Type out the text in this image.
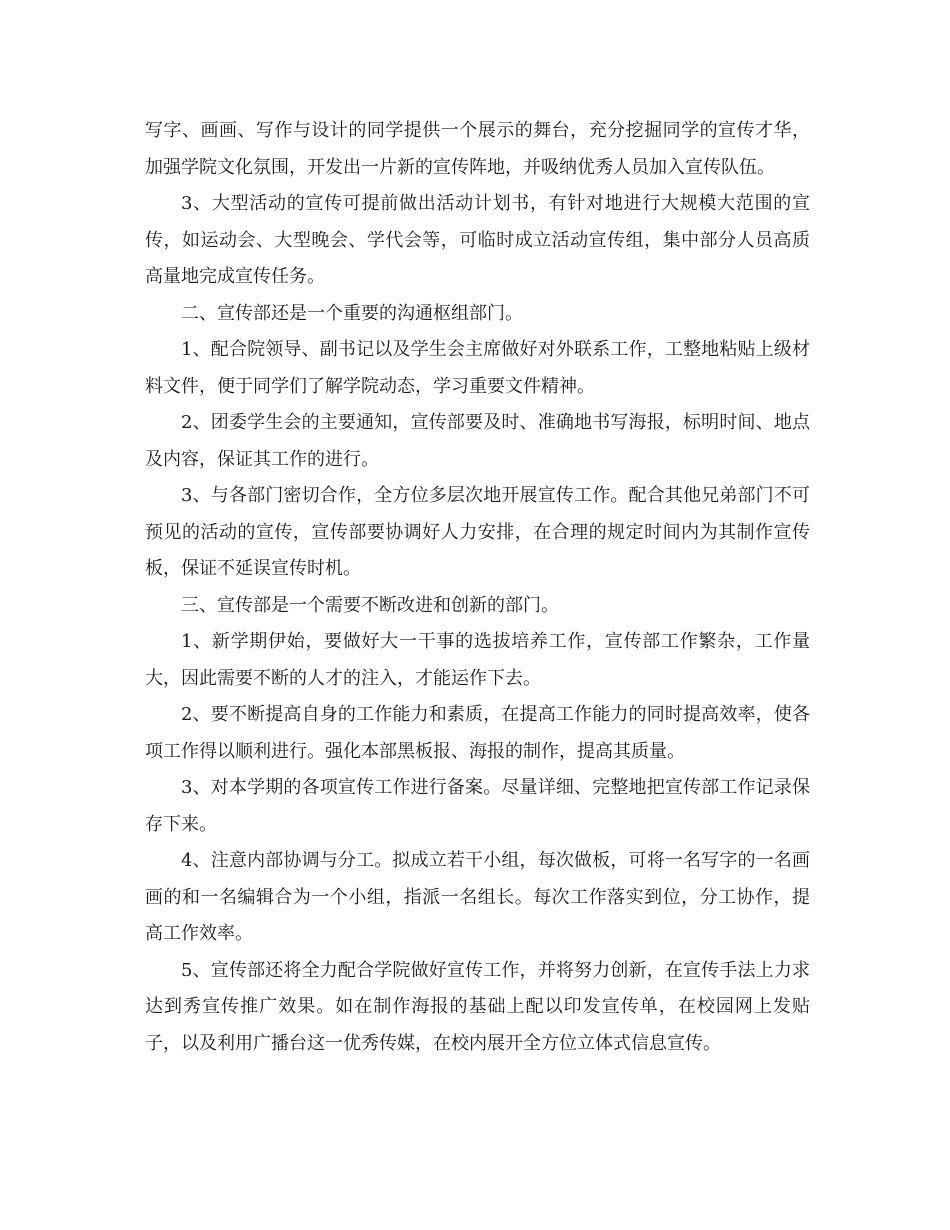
写字、画画、写作与设计的同学提供一个展示的舞台，充分挖掘同学的宣传才华，加强学院文化氛围，开发出一片新的宣传阵地，并吸纳优秀人员加入宣传队伍。

3、大型活动的宣传可提前做出活动计划书，有针对地进行大规模大范围的宣传，如运动会、大型晚会、学代会等，可临时成立活动宣传组，集中部分人员高质高量地完成宣传任务。

二、宣传部还是一个重要的沟通枢组部门。

1、配合院领导、副书记以及学生会主席做好对外联系工作，工整地粘贴上级材料文件，便于同学们了解学院动态，学习重要文件精神。

2、团委学生会的主要通知，宣传部要及时、准确地书写海报，标明时间、地点及内容，保证其工作的进行。

3、与各部门密切合作，全方位多层次地开展宣传工作。配合其他兄弟部门不可预见的活动的宣传，宣传部要协调好人力安排，在合理的规定时间内为其制作宣传板，保证不延误宣传时机。

三、宣传部是一个需要不断改进和创新的部门。

1、新学期伊始，要做好大一干事的选拔培养工作，宣传部工作繁杂，工作量大，因此需要不断的人才的注入，才能运作下去。

2、要不断提高自身的工作能力和素质，在提高工作能力的同时提高效率，使各项工作得以顺利进行。强化本部黑板报、海报的制作，提高其质量。

3、对本学期的各项宣传工作进行备案。尽量详细、完整地把宣传部工作记录保存下来。

4、注意内部协调与分工。拟成立若干小组，每次做板，可将一名写字的一名画画的和一名编辑合为一个小组，指派一名组长。每次工作落实到位，分工协作，提高工作效率。

5、宣传部还将全力配合学院做好宣传工作，并将努力创新，在宣传手法上力求达到秀宣传推广效果。如在制作海报的基础上配以印发宣传单，在校园网上发贴子，以及利用广播台这一优秀传媒，在校内展开全方位立体式信息宣传。
